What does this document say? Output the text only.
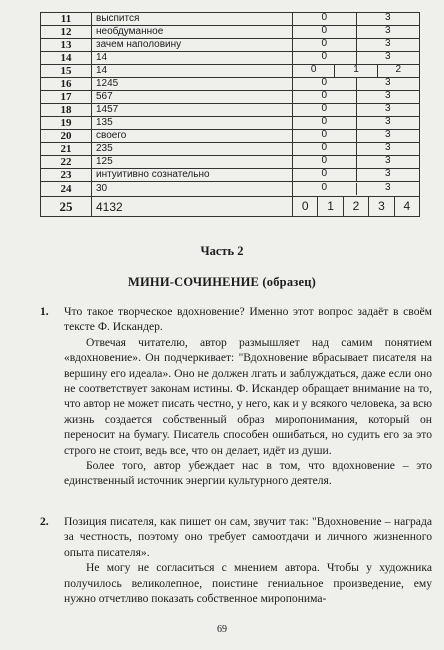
11	выспится	0 3

12	необдуманное	0 3

13	зачем наполовину	0 3

14	14	0 3

15	14	0 1 2

16	1245	0 3

17	567	0 3

18	1457	0 3

19	135	0 3

20	своего	0 3

21	235	0 3

22	125	0 3

23	интуитивно сознательно	0 3

24	30	0 3

25	4132	0 1 2 3 4
Часть 2
МИНИ-СОЧИНЕНИЕ (образец)
1. Что такое творческое вдохновение? Именно этот вопрос задаёт в своём тексте Ф. Искандер.

Отвечая читателю, автор размышляет над самим понятием «вдохновение». Он подчеркивает: "Вдохновение вбрасывает писателя на вершину его идеала». Оно не должен лгать и заблуждаться, даже если оно не соответствует законам истины. Ф. Искандер обращает внимание на то, что автор не может писать честно, у него, как и у всякого человека, за всю жизнь создается собственный образ миропонимания, который он переносит на бумагу. Писатель способен ошибаться, но судить его за это строго не стоит, ведь все, что он делает, идёт из души.

Более того, автор убеждает нас в том, что вдохновение – это единственный источник энергии культурного деятеля.

2. Позиция писателя, как пишет он сам, звучит так: "Вдохновение – награда за честность, поэтому оно требует самоотдачи и личного жизненного опыта писателя».

Не могу не согласиться с мнением автора. Чтобы у художника получилось великолепное, поистине гениальное произведение, ему нужно отчетливо показать собственное миропонима-

69
